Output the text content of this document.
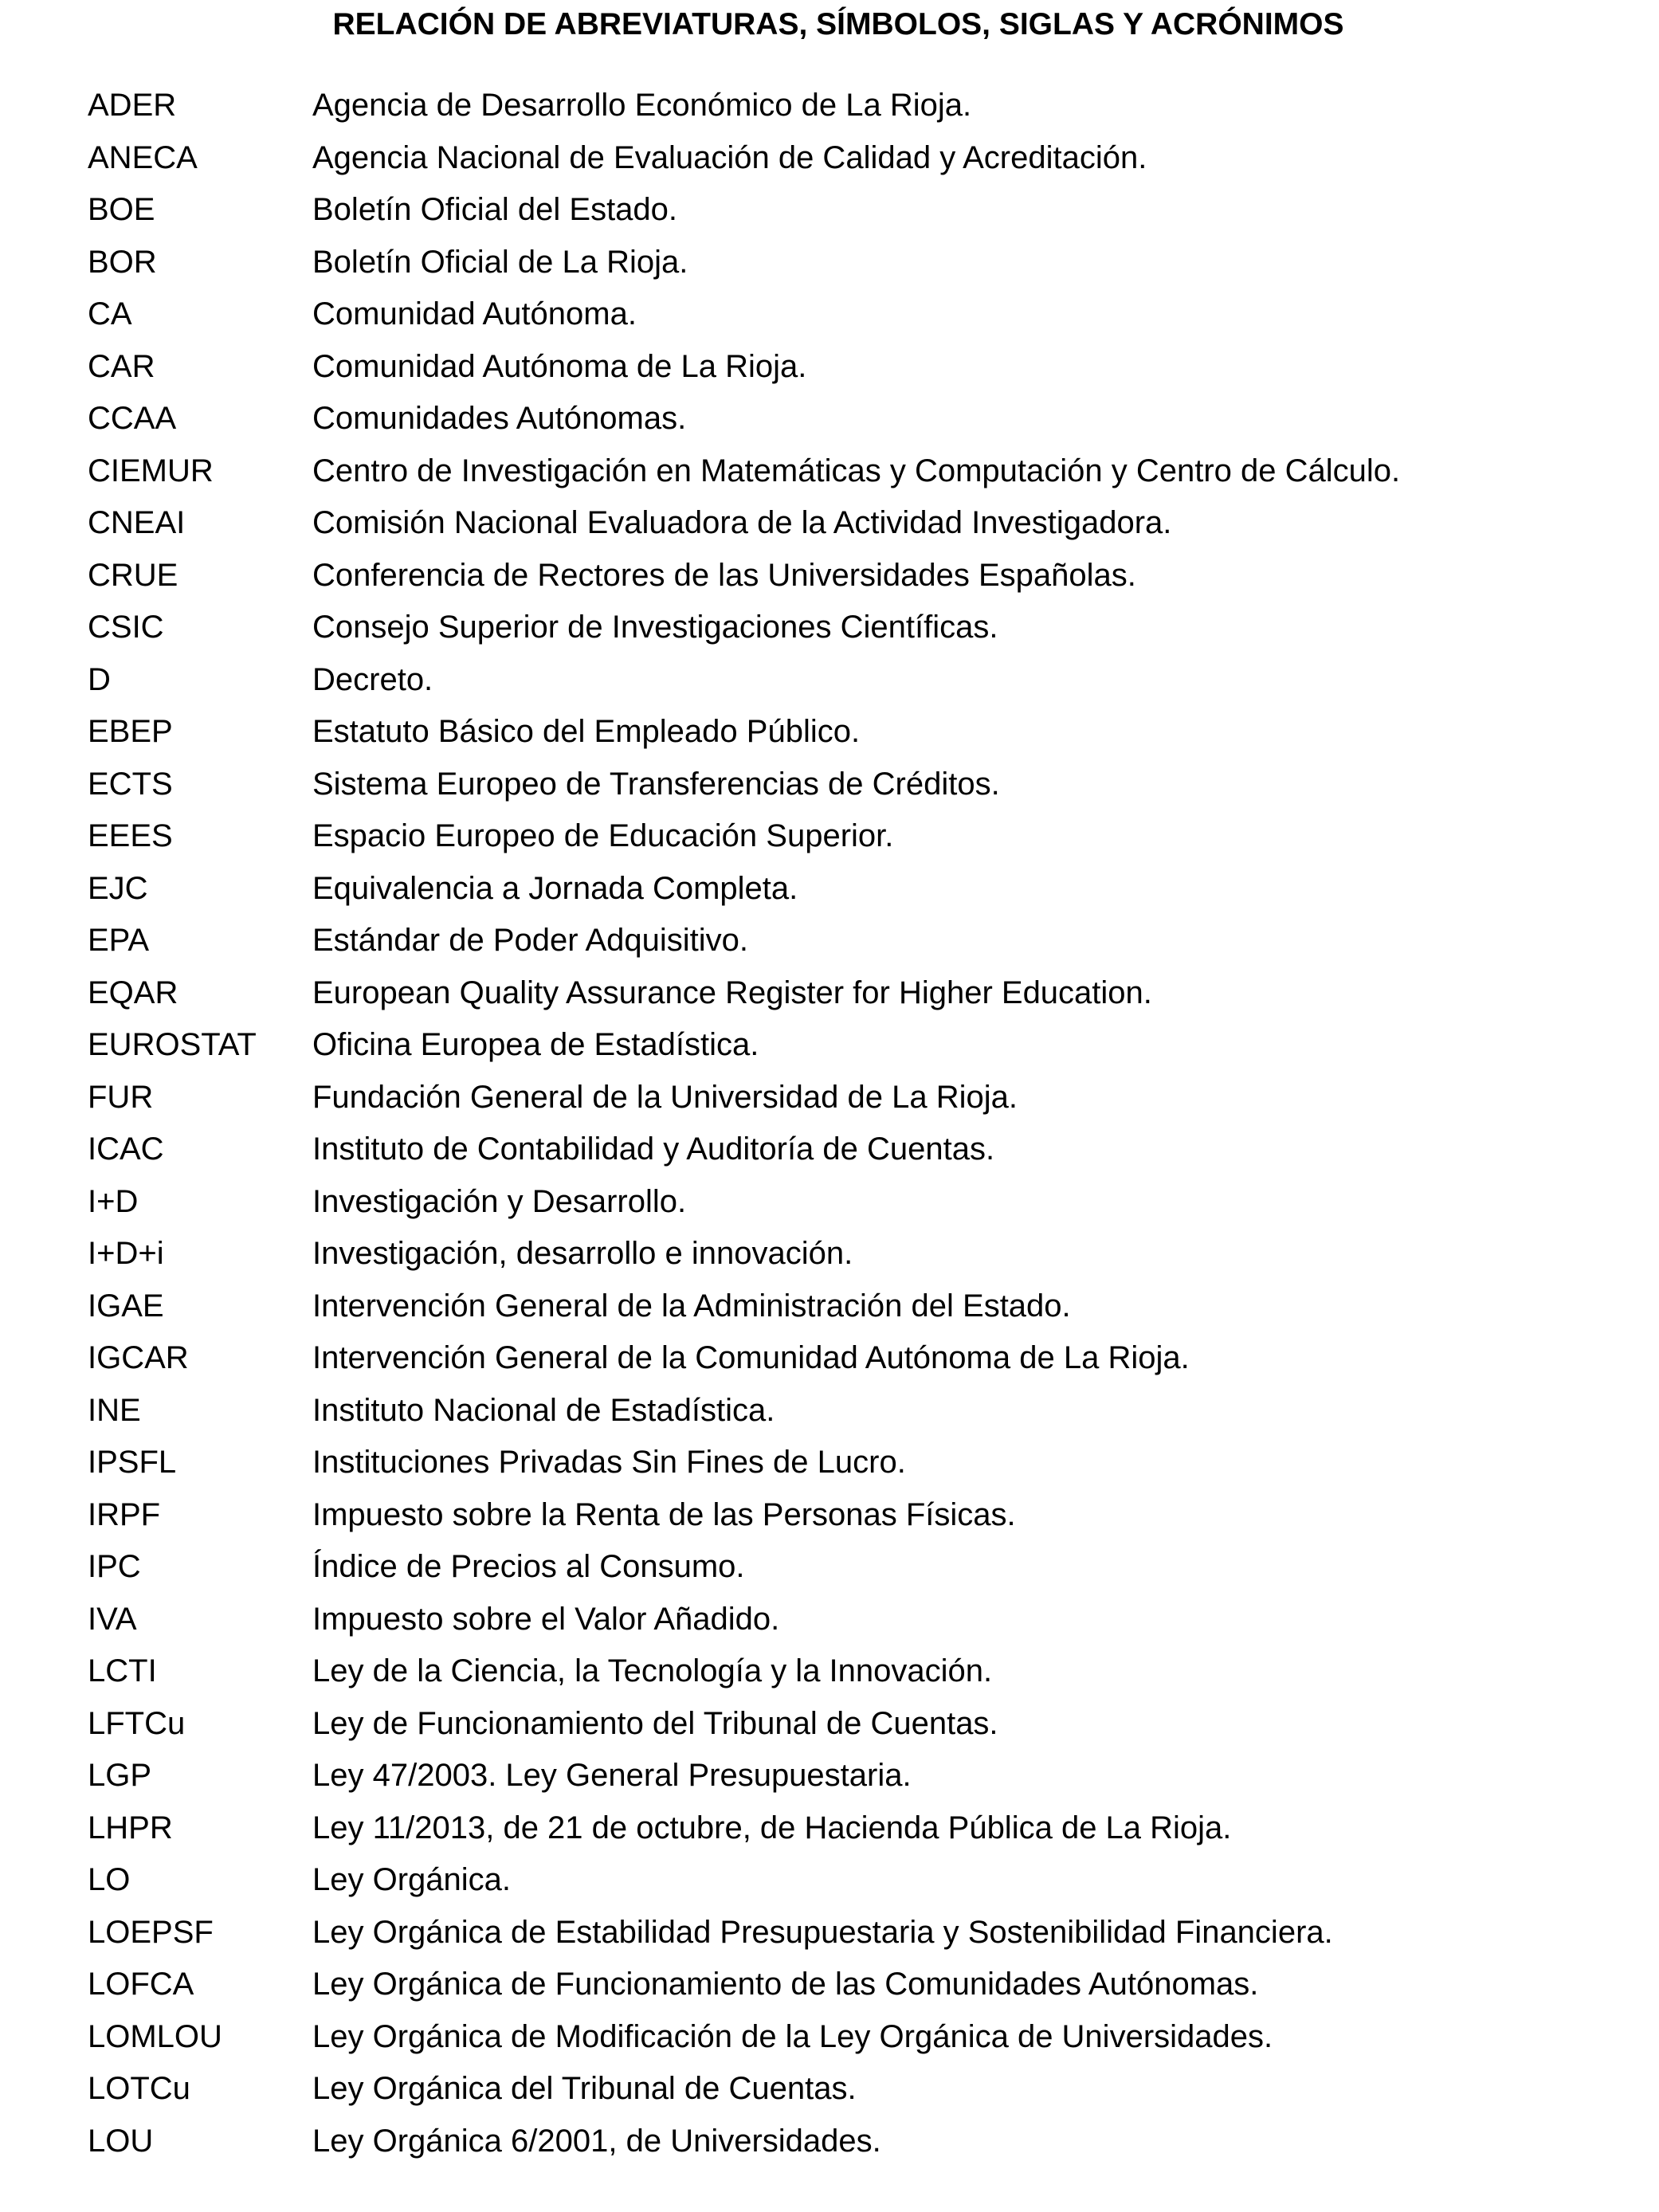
RELACIÓN DE ABREVIATURAS, SÍMBOLOS, SIGLAS Y ACRÓNIMOS
ADER	Agencia de Desarrollo Económico de La Rioja.
ANECA	Agencia Nacional de Evaluación de Calidad y Acreditación.
BOE	Boletín Oficial del Estado.
BOR	Boletín Oficial de La Rioja.
CA	Comunidad Autónoma.
CAR	Comunidad Autónoma de La Rioja.
CCAA	Comunidades Autónomas.
CIEMUR	Centro de Investigación en Matemáticas y Computación y Centro de Cálculo.
CNEAI	Comisión Nacional Evaluadora de la Actividad Investigadora.
CRUE	Conferencia de Rectores de las Universidades Españolas.
CSIC	Consejo Superior de Investigaciones Científicas.
D	Decreto.
EBEP	Estatuto Básico del Empleado Público.
ECTS	Sistema Europeo de Transferencias de Créditos.
EEES	Espacio Europeo de Educación Superior.
EJC	Equivalencia a Jornada Completa.
EPA	Estándar de Poder Adquisitivo.
EQAR	European Quality Assurance Register for Higher Education.
EUROSTAT Oficina Europea de Estadística.
FUR	Fundación General de la Universidad de La Rioja.
ICAC	Instituto de Contabilidad y Auditoría de Cuentas.
I+D	Investigación y Desarrollo.
I+D+i	Investigación, desarrollo e innovación.
IGAE	Intervención General de la Administración del Estado.
IGCAR	Intervención General de la Comunidad Autónoma de La Rioja.
INE	Instituto Nacional de Estadística.
IPSFL	Instituciones Privadas Sin Fines de Lucro.
IRPF	Impuesto sobre la Renta de las Personas Físicas.
IPC	Índice de Precios al Consumo.
IVA	Impuesto sobre el Valor Añadido.
LCTI	Ley de la Ciencia, la Tecnología y la Innovación.
LFTCu	Ley de Funcionamiento del Tribunal de Cuentas.
LGP	Ley 47/2003. Ley General Presupuestaria.
LHPR	Ley 11/2013, de 21 de octubre, de Hacienda Pública de La Rioja.
LO	Ley Orgánica.
LOEPSF	Ley Orgánica de Estabilidad Presupuestaria y Sostenibilidad Financiera.
LOFCA	Ley Orgánica de Funcionamiento de las Comunidades Autónomas.
LOMLOU	Ley Orgánica de Modificación de la Ley Orgánica de Universidades.
LOTCu	Ley Orgánica del Tribunal de Cuentas.
LOU	Ley Orgánica 6/2001, de Universidades.
